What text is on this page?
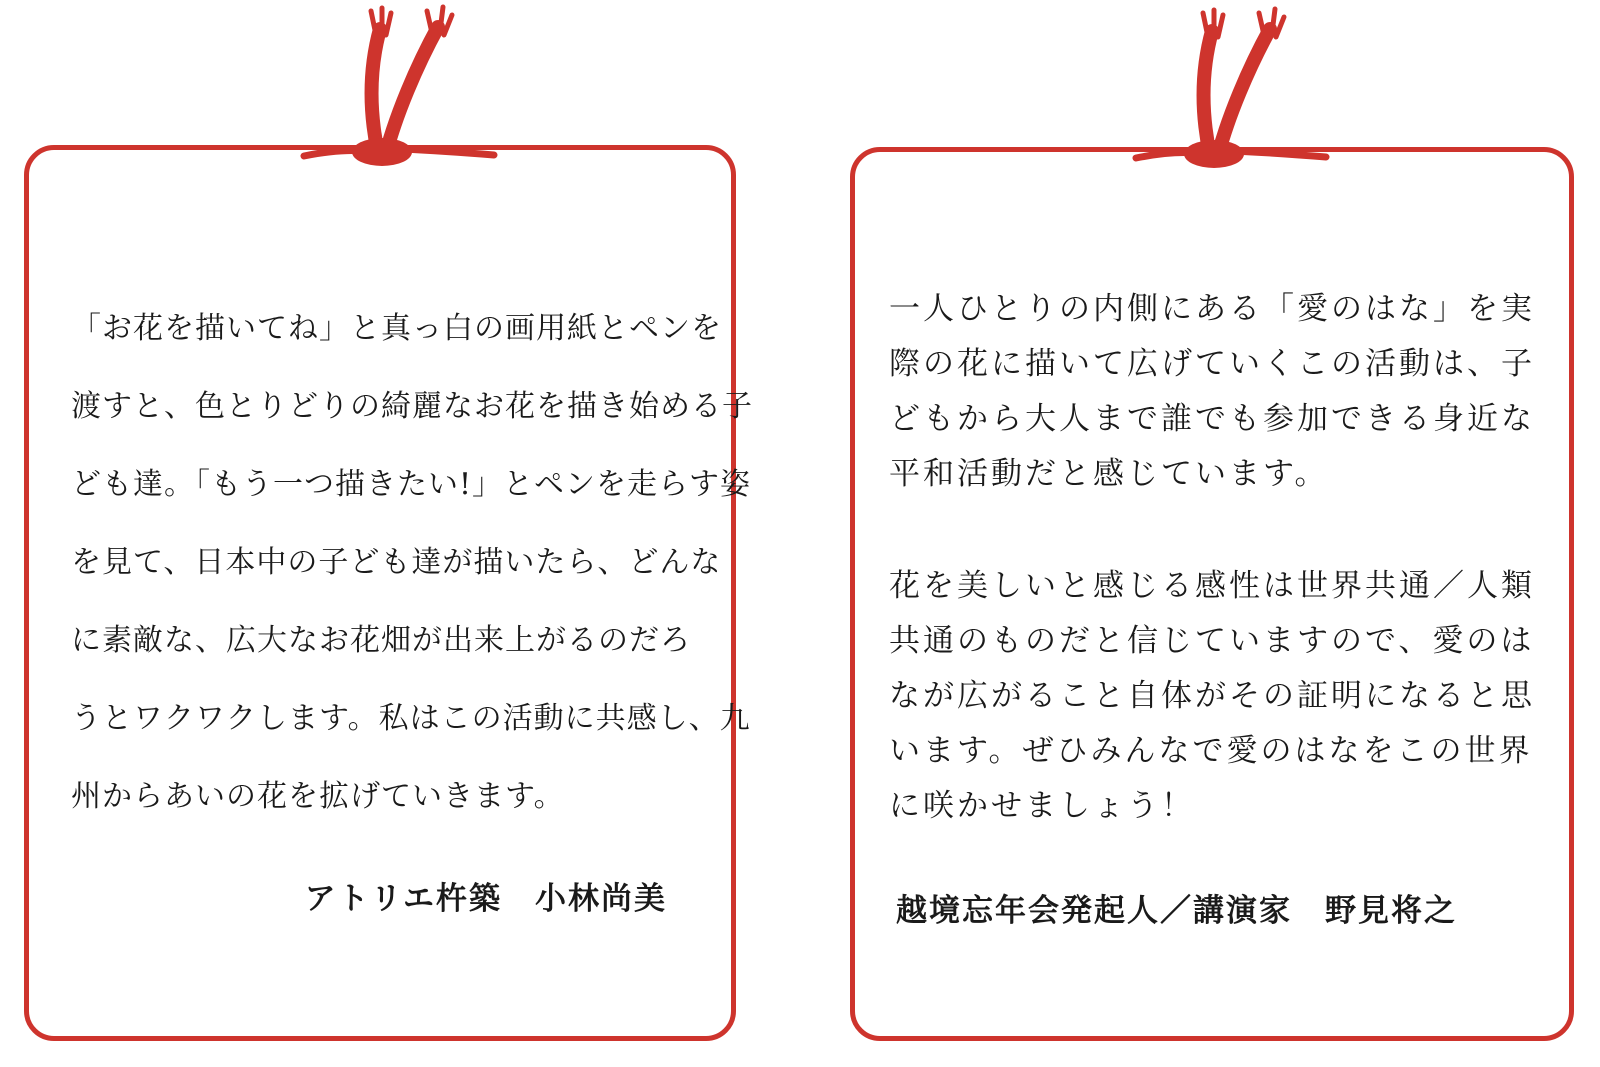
「お花を描いてね」と真っ白の画用紙とペンを
渡すと、色とりどりの綺麗なお花を描き始める子
ども達。「もう一つ描きたい!」とペンを走らす姿
を見て、日本中の子ども達が描いたら、どんな
に素敵な、広大なお花畑が出来上がるのだろ
うとワクワクします。私はこの活動に共感し、九
州からあいの花を拡げていきます。
アトリエ杵築　小林尚美
一人ひとりの内側にある「愛のはな」を実
際の花に描いて広げていくこの活動は、子
どもから大人まで誰でも参加できる身近な
平和活動だと感じています。
花を美しいと感じる感性は世界共通／人類
共通のものだと信じていますので、愛のは
なが広がること自体がその証明になると思
います。ぜひみんなで愛のはなをこの世界
に咲かせましょう！
越境忘年会発起人／講演家　野見将之
